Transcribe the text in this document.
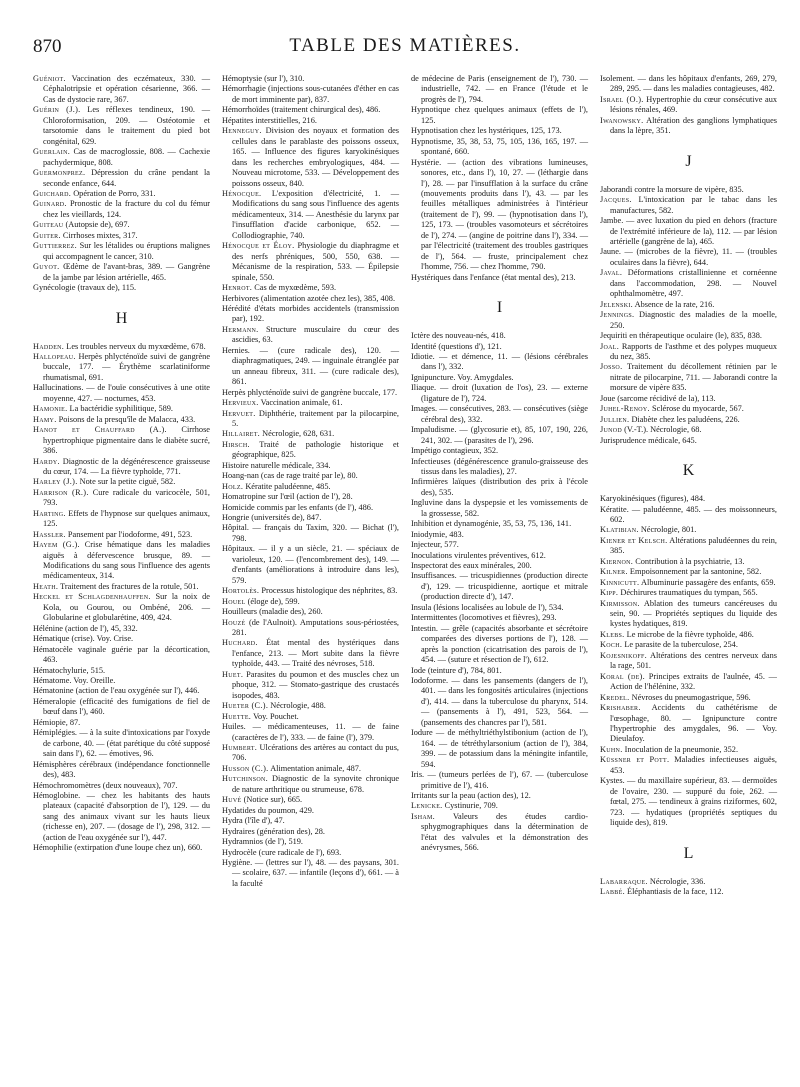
870	TABLE DES MATIÈRES.
Guéniot. Vaccination des eczémateux, 330. — Céphalotripsie et opération césarienne, 366. — Cas de dystocie rare, 367.
Guérin (J.). Les réflexes tendineux, 190. — Chloroformisation, 209. — Ostéotomie et tarsotomie dans le traitement du pied bot congénital, 629.
Guerlain. Cas de macroglossie, 808. — Cachexie pachydermique, 808.
Guermonprez. Dépression du crâne pendant la seconde enfance, 644.
Guichard. Opération de Porro, 331.
Guinard. Pronostic de la fracture du col du fémur chez les vieillards, 124.
Guiteau (Autopsie de), 697.
Guiter. Cirrhoses mixtes, 317.
Guttierrez. Sur les létalides ou éruptions malignes qui accompagnent le cancer, 310.
Guyot. Œdème de l'avant-bras, 389. — Gangrène de la jambe par lésion artérielle, 465.
Gynécologie (travaux de), 115.
H
Hadden. Les troubles nerveux du myxœdème, 678.
Hallopeau. Herpès phlycténoïde suivi de gangrène buccale, 177. — Érythème scarlatiniforme rhumatismal, 691.
Hallucinations. — de l'ouïe consécutives à une otite moyenne, 427. — nocturnes, 453.
Hamonie. La bactéridie syphilitique, 589.
Hamy. Poisons de la presqu'île de Malacca, 433.
Hanot et Chauffard (A.). Cirrhose hypertrophique pigmentaire dans le diabète sucré, 386.
Hardy. Diagnostic de la dégénérescence graisseuse du cœur, 174. — La fièvre typhoïde, 771.
Harley (J.). Note sur la petite ciguë, 582.
Harrison (R.). Cure radicale du varicocèle, 501, 793.
Harting. Effets de l'hypnose sur quelques animaux, 125.
Hassler. Pansement par l'iodoforme, 491, 523.
Hayem (G.). Crise hématique dans les maladies aiguës à défervescence brusque, 89. — Modifications du sang sous l'influence des agents médicamenteux, 314.
Heath. Traitement des fractures de la rotule, 501.
Heckel et Schlagdenhauffen. Sur la noix de Kola, ou Gourou, ou Ombéné, 206. — Globularine et globularétine, 409, 424.
Hélénine (action de l'), 45, 332.
Hématique (crise). Voy. Crise.
Hématocèle vaginale guérie par la décortication, 463.
Hématochylurie, 515.
Hématome. Voy. Oreille.
Hématonine (action de l'eau oxygénée sur l'), 446.
Hémeralopie (efficacité des fumigations de fiel de bœuf dans l'), 460.
Hémiopie, 87.
Hémiplégies. — à la suite d'intoxications par l'oxyde de carbone, 40. — (état parétique du côté supposé sain dans l'), 62. — émotives, 96.
Hémisphères cérébraux (indépendance fonctionnelle des), 483.
Hémochromomètres (deux nouveaux), 707.
Hémoglobine. — chez les habitants des hauts plateaux (capacité d'absorption de l'), 129. — du sang des animaux vivant sur les hauts lieux (richesse en), 207. — (dosage de l'), 298, 312. — (action de l'eau oxygénée sur l'), 447.
Hémophilie (extirpation d'une loupe chez un), 660.
Hémoptysie (sur l'), 310.
Hémorrhagie (injections sous-cutanées d'éther en cas de mort imminente par), 837.
Hémorrhoïdes (traitement chirurgical des), 486.
Hépatites interstitielles, 216.
Henneguy. Division des noyaux et formation des cellules dans le parablaste des poissons osseux, 165. — Influence des figures karyokinésiques dans les recherches embryologiques, 484. — Nouveau microtome, 533. — Développement des poissons osseux, 840.
Hénocque. L'exposition d'électricité, 1. — Modifications du sang sous l'influence des agents médicamenteux, 314. — Anesthésie du larynx par l'insufflation d'acide carbonique, 652. — Collodiographie, 740.
Hénocque et Éloy. Physiologie du diaphragme et des nerfs phréniques, 500, 550, 638. — Mécanisme de la respiration, 533. — Épilepsie spinale, 550.
Henrot. Cas de myxœdème, 593.
Herbivores (alimentation azotée chez les), 385, 408.
Hérédité d'états morbides accidentels (transmission par), 192.
Hermann. Structure musculaire du cœur des ascidies, 63.
Hernies. — (cure radicale des), 120. — diaphragmatiques, 249. — inguinale étranglée par un anneau fibreux, 311. — (cure radicale des), 861.
Herpès phlycténoïde suivi de gangrène buccale, 177.
Hervieux. Vaccination animale, 61.
Hervuet. Diphthérie, traitement par la pilocarpine, 5.
Hillairet. Nécrologie, 628, 631.
Hirsch. Traité de pathologie historique et géographique, 825.
Histoire naturelle médicale, 334.
Hoang-nan (cas de rage traité par le), 80.
Holz. Kératite paludéenne, 485.
Homatropine sur l'œil (action de l'), 28.
Homicide commis par les enfants (de l'), 486.
Hongrie (universités de), 847.
Hôpital. — français du Taxim, 320. — Bichat (l'), 798.
Hôpitaux. — il y a un siècle, 21. — spéciaux de varioleux, 120. — (l'encombrement des), 149. — d'enfants (améliorations à introduire dans les), 579.
Hortolès. Processus histologique des néphrites, 83.
Houel (éloge de), 599.
Houilleurs (maladie des), 260.
Houzé (de l'Aulnoit). Amputations sous-périostées, 281.
Huchard. État mental des hystériques dans l'enfance, 213. — Mort subite dans la fièvre typhoïde, 443. — Traité des névroses, 518.
Huet. Parasites du poumon et des muscles chez un phoque, 312. — Stomato-gastrique des crustacés isopodes, 483.
Hueter (C.). Nécrologie, 488.
Huette. Voy. Pouchet.
Huiles. — médicamenteuses, 11. — de faine (caractères de l'), 333. — de faine (l'), 379.
Humbert. Ulcérations des artères au contact du pus, 706.
Husson (C.). Alimentation animale, 487.
Hutchinson. Diagnostic de la synovite chronique de nature arthritique ou strumeuse, 678.
Huvé (Notice sur), 665.
Hydatides du poumon, 429.
Hydra (l'île d'), 47.
Hydraires (génération des), 28.
Hydramnios (de l'), 519.
Hydrocèle (cure radicale de l'), 693.
Hygiène. — (lettres sur l'), 48. — des paysans, 301. — scolaire, 637. — infantile (leçons d'), 661. — à la faculté
de médecine de Paris (enseignement de l'), 730. — industrielle, 742. — en France (l'étude et le progrès de l'), 794.
Hypnotique chez quelques animaux (effets de l'), 125.
Hypnotisation chez les hystériques, 125, 173.
Hypnotisme, 35, 38, 53, 75, 105, 136, 165, 197. — spontané, 660.
Hystérie. — (action des vibrations lumineuses, sonores, etc., dans l'), 10, 27. — (léthargie dans l'), 28. — par l'insufflation à la surface du crâne (mouvements produits dans l'), 43. — par les feuilles métalliques administrées à l'intérieur (traitement de l'), 99. — (hypnotisation dans l'), 125, 173. — (troubles vasomoteurs et sécrétoires de l'), 274. — (angine de poitrine dans l'), 334. — par l'électricité (traitement des troubles gastriques de l'), 564. — fruste, principalement chez l'homme, 756. — chez l'homme, 790.
Hystériques dans l'enfance (état mental des), 213.
I
Ictère des nouveau-nés, 418.
Identité (questions d'), 121.
Idiotie. — et démence, 11. — (lésions cérébrales dans l'), 332.
Ignipuncture. Voy. Amygdales.
Iliaque. — droit (luxation de l'os), 23. — externe (ligature de l'), 724.
Images. — consécutives, 283. — consécutives (siège cérébral des), 332.
Impaludisme. — (glycosurie et), 85, 107, 190, 226, 241, 302. — (parasites de l'), 296.
Impétigo contagieux, 352.
Infectieuses (dégénérescence granulo-graisseuse des tissus dans les maladies), 27.
Infirmières laïques (distribution des prix à l'école des), 535.
Ingluvine dans la dyspepsie et les vomissements de la grossesse, 582.
Inhibition et dynamogénie, 35, 53, 75, 136, 141.
Iniodymie, 483.
Injecteur, 577.
Inoculations virulentes préventives, 612.
Inspectorat des eaux minérales, 200.
Insuffisances. — tricuspidiennes (production directe d'), 129. — tricuspidienne, aortique et mitrale (production directe d'), 147.
Insula (lésions localisées au lobule de l'), 534.
Intermittentes (locomotives et fièvres), 293.
Intestin. — grêle (capacités absorbante et sécrétoire comparées des diverses portions de l'), 128. — après la ponction (cicatrisation des parois de l'), 454. — (suture et résection de l'), 612.
Iode (teinture d'), 784, 801.
Iodoforme. — dans les pansements (dangers de l'), 401. — dans les fongosités articulaires (injections d'), 414. — dans la tuberculose du pharynx, 514. — (pansements à l'), 491, 523, 564. — (pansements des chancres par l'), 581.
Iodure — de méthyltriéthylstibonium (action de l'), 164. — de tétréthylarsonium (action de l'), 384, 399. — de potassium dans la méningite infantile, 594.
Iris. — (tumeurs perlées de l'), 67. — (tuberculose primitive de l'), 416.
Irritants sur la peau (action des), 12.
Lenicke. Cystinurie, 709.
Isham. Valeurs des études cardio-sphygmographiques dans la détermination de l'état des valvules et la démonstration des anévrysmes, 566.
Isolement. — dans les hôpitaux d'enfants, 269, 279, 289, 295. — dans les maladies contagieuses, 482.
Israel (O.). Hypertrophie du cœur consécutive aux lésions rénales, 469.
Iwanowsky. Altération des ganglions lymphatiques dans la lèpre, 351.
J
Jaborandi contre la morsure de vipère, 835.
Jacques. L'intoxication par le tabac dans les manufactures, 582.
Jambe. — avec luxation du pied en dehors (fracture de l'extrémité inférieure de la), 112. — par lésion artérielle (gangrène de la), 465.
Jaune. — (microbes de la fièvre), 11. — (troubles oculaires dans la fièvre), 644.
Javal. Déformations cristallinienne et cornéenne dans l'accommodation, 298. — Nouvel ophthalmomètre, 497.
Jelenski. Absence de la rate, 216.
Jennings. Diagnostic des maladies de la moelle, 250.
Jequiriti en thérapeutique oculaire (le), 835, 838.
Joal. Rapports de l'asthme et des polypes muqueux du nez, 385.
Josso. Traitement du décollement rétinien par le nitrate de pilocarpine, 711. — Jaborandi contre la morsure de vipère 835.
Joue (sarcome récidivé de la), 113.
Juhel-Renoy. Sclérose du myocarde, 567.
Jullien. Diabète chez les paludéens, 226.
Junod (V.-T.). Nécrologie, 68.
Jurisprudence médicale, 645.
K
Karyokinésiques (figures), 484.
Kératite. — paludéenne, 485. — des moissonneurs, 602.
Klatibian. Nécrologie, 801.
Kiener et Kelsch. Altérations paludéennes du rein, 385.
Kiernon. Contribution à la psychiatrie, 13.
Kilner. Empoisonnement par la santonine, 582.
Kinnicutt. Albuminurie passagère des enfants, 659.
Kipp. Déchirures traumatiques du tympan, 565.
Kirmisson. Ablation des tumeurs cancéreuses du sein, 90. — Propriétés septiques du liquide des kystes hydatiques, 819.
Klebs. Le microbe de la fièvre typhoïde, 486.
Koch. Le parasite de la tuberculose, 254.
Kojesnikoff. Altérations des centres nerveux dans la rage, 501.
Koral (de). Principes extraits de l'aulnée, 45. — Action de l'hélénine, 332.
Kredel. Névroses du pneumogastrique, 596.
Krishaber. Accidents du cathétérisme de l'œsophage, 80. — Ignipuncture contre l'hypertrophie des amygdales, 96. — Voy. Dieulafoy.
Kuhn. Inoculation de la pneumonie, 352.
Küssner et Pott. Maladies infectieuses aiguës, 453.
Kystes. — du maxillaire supérieur, 83. — dermoïdes de l'ovaire, 230. — suppuré du foie, 262. — fœtal, 275. — tendineux à grains riziformes, 602, 723. — hydatiques (propriétés septiques du liquide des), 819.
L
Labarraque. Nécrologie, 336.
Labbé. Éléphantiasis de la face, 112.
